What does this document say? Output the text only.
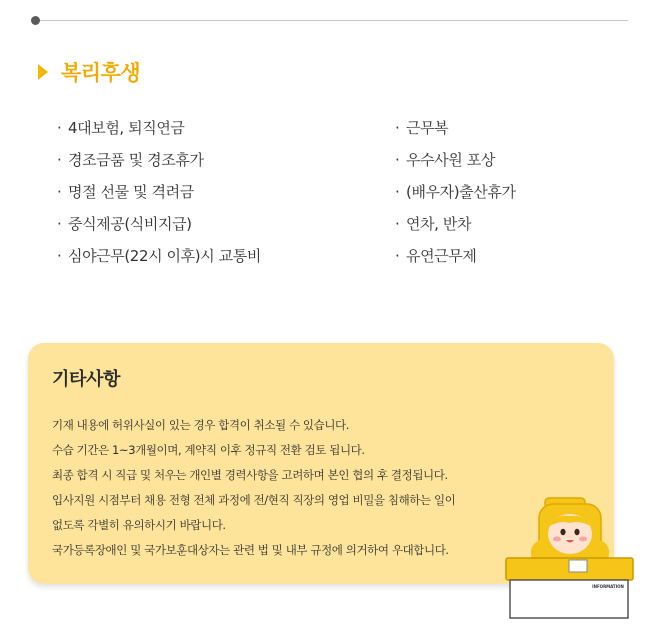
복리후생
· 4대보험, 퇴직연금
· 경조금품 및 경조휴가
· 명절 선물 및 격려금
· 중식제공(식비지급)
· 심야근무(22시 이후)시 교통비
· 근무복
· 우수사원 포상
· (배우자)출산휴가
· 연차, 반차
· 유연근무제
기타사항
기재 내용에 허위사실이 있는 경우 합격이 취소될 수 있습니다.
수습 기간은 1~3개월이며, 계약직 이후 정규직 전환 검토 됩니다.
최종 합격 시 직급 및 처우는 개인별 경력사항을 고려하며 본인 협의 후 결정됩니다.
입사지원 시점부터 채용 전형 전체 과정에 전/현직 직장의 영업 비밀을 침해하는 일이
없도록 각별히 유의하시기 바랍니다.
국가등록장애인 및 국가보훈대상자는 관련 법 및 내부 규정에 의거하여 우대합니다.
INFORMATION
